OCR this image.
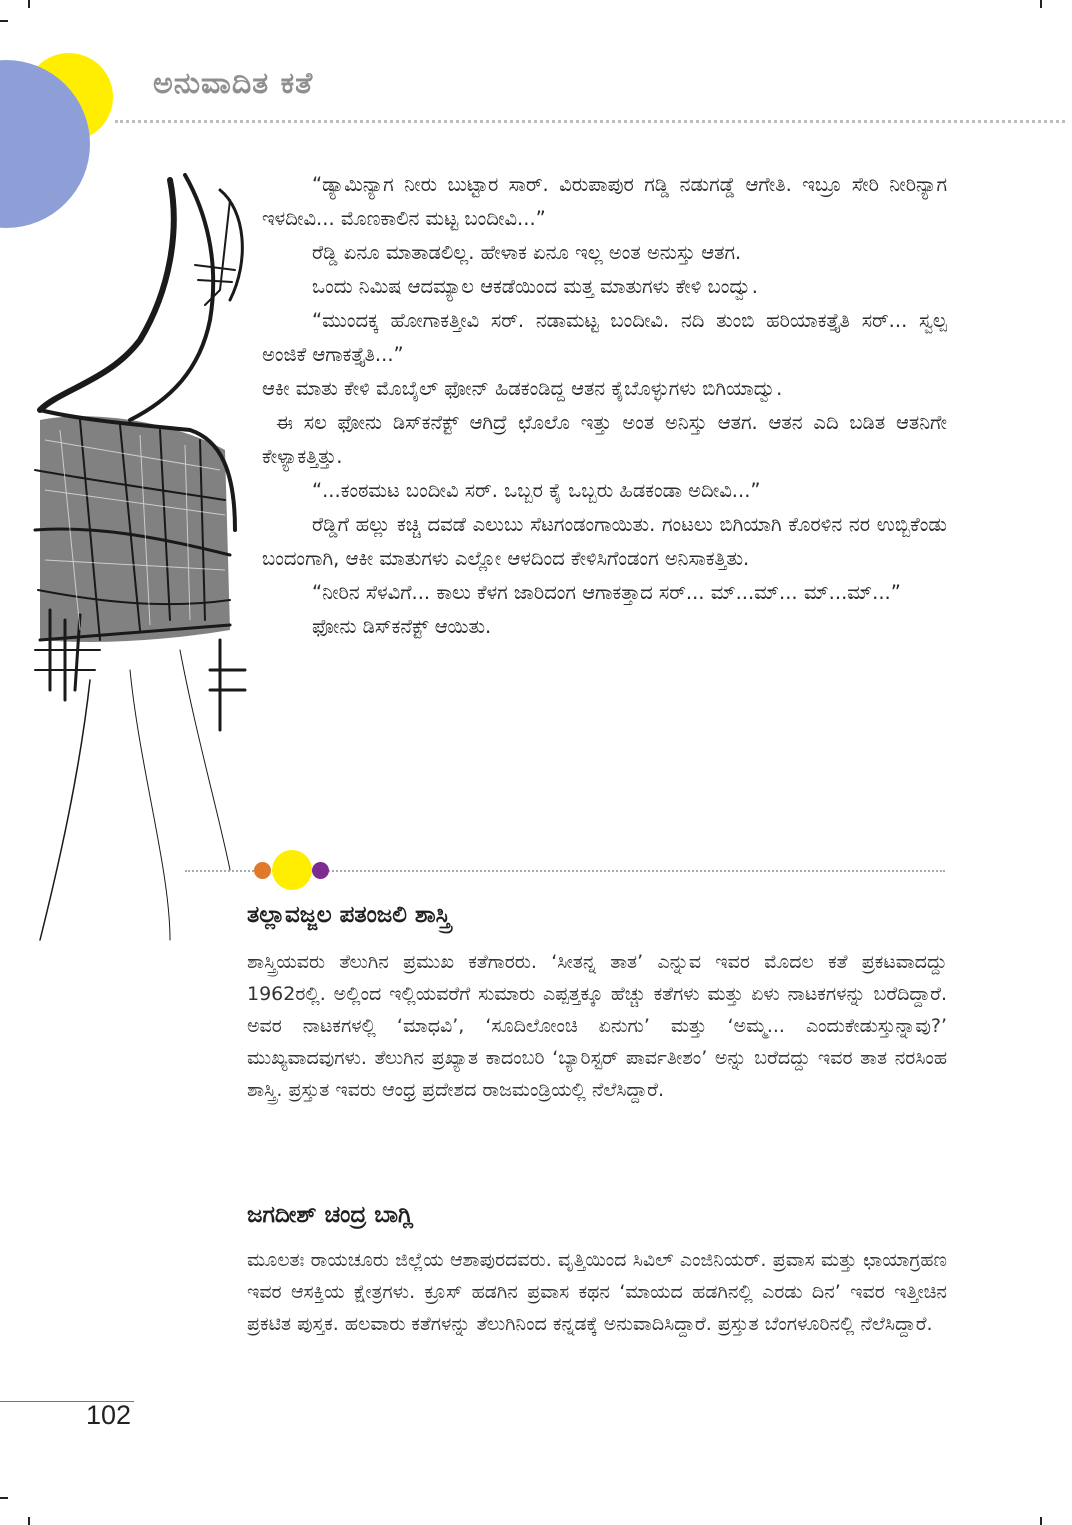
ಅನುವಾದಿತ ಕತೆ

“ಡ್ಯಾಮಿನ್ಯಾಗ ನೀರು ಬುಟ್ಟಾರ ಸಾರ್. ವಿರುಪಾಪುರ ಗಡ್ಡಿ ನಡುಗಡ್ಡೆ ಆಗೇತಿ. ಇಬ್ರೂ ಸೇರಿ ನೀರಿನ್ಯಾಗ ಇಳದೀವಿ... ಮೊಣಕಾಲಿನ ಮಟ್ಟ ಬಂದೀವಿ...”

ರೆಡ್ಡಿ ಏನೂ ಮಾತಾಡಲಿಲ್ಲ. ಹೇಳಾಕ ಏನೂ ಇಲ್ಲ ಅಂತ ಅನುಸ್ತು ಆತಗ.

ಒಂದು ನಿಮಿಷ ಆದಮ್ಯಾಲ ಆಕಡೆಯಿಂದ ಮತ್ತ ಮಾತುಗಳು ಕೇಳಿ ಬಂದ್ವು.

“ಮುಂದಕ್ಕ ಹೋಗಾಕತ್ತೀವಿ ಸರ್. ನಡಾಮಟ್ಟ ಬಂದೀವಿ. ನದಿ ತುಂಬಿ ಹರಿಯಾಕತ್ತೈತಿ ಸರ್... ಸ್ವಲ್ಪ ಅಂಜಿಕೆ ಆಗಾಕತ್ತೈತಿ...”

ಆಕೀ ಮಾತು ಕೇಳಿ ಮೊಬೈಲ್ ಫೋನ್ ಹಿಡಕಂಡಿದ್ದ ಆತನ ಕೈಬೊಳ್ಳುಗಳು ಬಿಗಿಯಾದ್ವು.

ಈ ಸಲ ಫೋನು ಡಿಸ್‌ಕನೆಕ್ಟ್ ಆಗಿದ್ರೆ ಛೊಲೊ ಇತ್ತು ಅಂತ ಅನಿಸ್ತು ಆತಗ. ಆತನ ಎದಿ ಬಡಿತ ಆತನಿಗೇ ಕೇಳ್ಯಾಕತ್ತಿತ್ತು.

“...ಕಂಠಮಟ ಬಂದೀವಿ ಸರ್. ಒಬ್ಬರ ಕೈ ಒಬ್ಬರು ಹಿಡಕಂಡಾ ಅದೀವಿ...”

ರೆಡ್ಡಿಗೆ ಹಲ್ಲು ಕಚ್ಚಿ ದವಡೆ ಎಲುಬು ಸೆಟಗಂಡಂಗಾಯಿತು. ಗಂಟಲು ಬಿಗಿಯಾಗಿ ಕೊರಳಿನ ನರ ಉಬ್ಬಿಕೆಂಡು ಬಂದಂಗಾಗಿ, ಆಕೀ ಮಾತುಗಳು ಎಲ್ಲೋ ಆಳದಿಂದ ಕೇಳಿಸಿಗೆಂಡಂಗ ಅನಿಸಾಕತ್ತಿತು.

“ನೀರಿನ ಸೆಳವಿಗೆ... ಕಾಲು ಕೆಳಗ ಜಾರಿದಂಗ ಆಗಾಕತ್ತಾದ ಸರ್... ಮ್...ಮ್... ಮ್...ಮ್...”

ಫೋನು ಡಿಸ್‌ಕನೆಕ್ಟ್ ಆಯಿತು.

ತಲ್ಲಾವಜ್ಜಲ ಪತಂಜಲಿ ಶಾಸ್ತ್ರಿ

ಶಾಸ್ತ್ರಿಯವರು ತೆಲುಗಿನ ಪ್ರಮುಖ ಕತೆಗಾರರು. ‘ಸೀತನ್ನ ತಾತ’ ಎನ್ನುವ ಇವರ ಮೊದಲ ಕತೆ ಪ್ರಕಟವಾದದ್ದು 1962ರಲ್ಲಿ. ಅಲ್ಲಿಂದ ಇಲ್ಲಿಯವರೆಗೆ ಸುಮಾರು ಎಪ್ಪತ್ತಕ್ಕೂ ಹೆಚ್ಚು ಕತೆಗಳು ಮತ್ತು ಏಳು ನಾಟಕಗಳನ್ನು ಬರೆದಿದ್ದಾರೆ. ಅವರ ನಾಟಕಗಳಲ್ಲಿ ‘ಮಾಧವಿ’, ‘ಸೂದಿಲೋಂಚಿ ಏನುಗು’ ಮತ್ತು ‘ಅಮ್ಮ... ಎಂದುಕೇಡುಸ್ತುನ್ನಾವು?’ ಮುಖ್ಯವಾದವುಗಳು. ತೆಲುಗಿನ ಪ್ರಖ್ಯಾತ ಕಾದಂಬರಿ ‘ಬ್ಯಾರಿಸ್ಟರ್ ಪಾರ್ವತೀಶಂ’ ಅನ್ನು ಬರೆದದ್ದು ಇವರ ತಾತ ನರಸಿಂಹ ಶಾಸ್ತ್ರಿ. ಪ್ರಸ್ತುತ ಇವರು ಆಂಧ್ರ ಪ್ರದೇಶದ ರಾಜಮಂಡ್ರಿಯಲ್ಲಿ ನೆಲೆಸಿದ್ದಾರೆ.

ಜಗದೀಶ್ ಚಂದ್ರ ಬಾಗ್ಲಿ

ಮೂಲತಃ ರಾಯಚೂರು ಜಿಲ್ಲೆಯ ಆಶಾಪುರದವರು. ವೃತ್ತಿಯಿಂದ ಸಿವಿಲ್ ಎಂಜಿನಿಯರ್. ಪ್ರವಾಸ ಮತ್ತು ಛಾಯಾಗ್ರಹಣ ಇವರ ಆಸಕ್ತಿಯ ಕ್ಷೇತ್ರಗಳು. ಕ್ರೂಸ್ ಹಡಗಿನ ಪ್ರವಾಸ ಕಥನ ‘ಮಾಯದ ಹಡಗಿನಲ್ಲಿ ಎರಡು ದಿನ’ ಇವರ ಇತ್ತೀಚಿನ ಪ್ರಕಟಿತ ಪುಸ್ತಕ. ಹಲವಾರು ಕತೆಗಳನ್ನು ತೆಲುಗಿನಿಂದ ಕನ್ನಡಕ್ಕೆ ಅನುವಾದಿಸಿದ್ದಾರೆ. ಪ್ರಸ್ತುತ ಬೆಂಗಳೂರಿನಲ್ಲಿ ನೆಲೆಸಿದ್ದಾರೆ.

102
